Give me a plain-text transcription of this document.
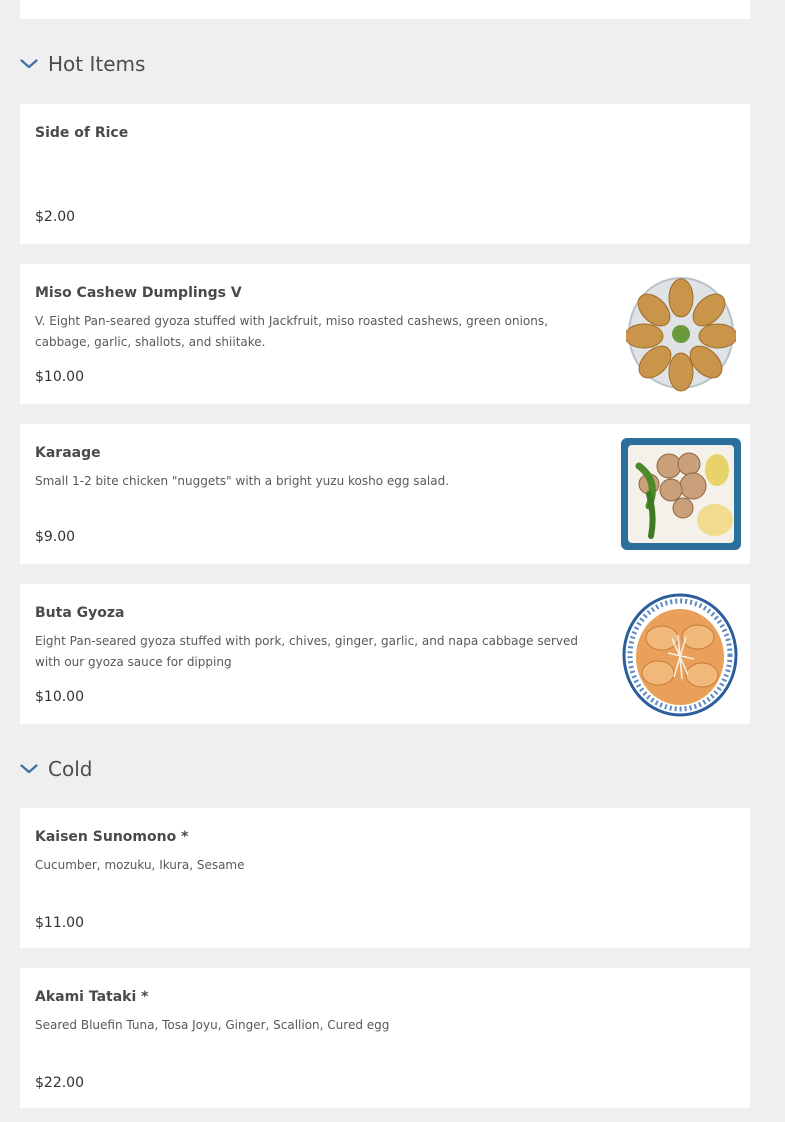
Hot Items
Side of Rice
$2.00
Miso Cashew Dumplings V

V. Eight Pan-seared gyoza stuffed with Jackfruit, miso roasted cashews, green onions, cabbage, garlic, shallots, and shiitake.

$10.00
Karaage

Small 1-2 bite chicken "nuggets" with a bright yuzu kosho egg salad.

$9.00
Buta Gyoza

Eight Pan-seared gyoza stuffed with pork, chives, ginger, garlic, and napa cabbage served with our gyoza sauce for dipping

$10.00
Cold
Kaisen Sunomono *

Cucumber, mozuku, Ikura, Sesame

$11.00
Akami Tataki *

Seared Bluefin Tuna, Tosa Joyu, Ginger, Scallion, Cured egg

$22.00
